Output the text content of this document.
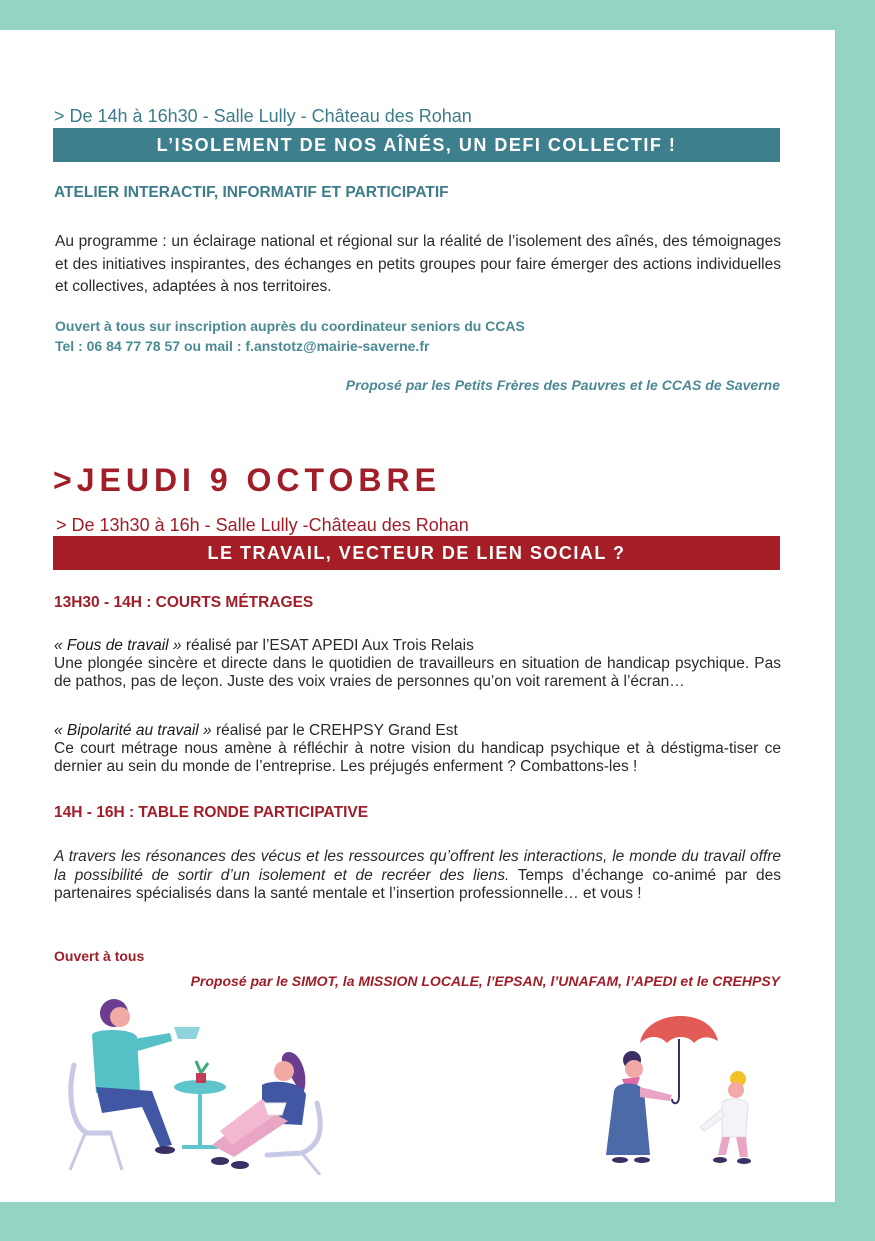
> De 14h à 16h30 - Salle Lully - Château des Rohan
L’ISOLEMENT DE NOS AÎNÉS, UN DEFI COLLECTIF !
ATELIER INTERACTIF, INFORMATIF ET PARTICIPATIF
Au programme : un éclairage national et régional sur la réalité de l’isolement des aînés, des témoignages et des initiatives inspirantes, des échanges en petits groupes pour faire émerger des actions individuelles et collectives, adaptées à nos territoires.
Ouvert à tous sur inscription auprès du coordinateur seniors du CCAS
Tel : 06 84 77 78 57 ou mail : f.anstotz@mairie-saverne.fr
Proposé par les Petits Frères des Pauvres et le CCAS de Saverne
>JEUDI 9 OCTOBRE
> De 13h30 à 16h - Salle Lully -Château des Rohan
LE TRAVAIL, VECTEUR DE LIEN SOCIAL ?
13H30 - 14H : COURTS MÉTRAGES
« Fous de travail » réalisé par l’ESAT APEDI Aux Trois Relais
Une plongée sincère et directe dans le quotidien de travailleurs en situation de handicap psychique. Pas de pathos, pas de leçon. Juste des voix vraies de personnes qu’on voit rarement à l’écran…
« Bipolarité au travail » réalisé par le CREHPSY Grand Est
Ce court métrage nous amène à réfléchir à notre vision du handicap psychique et à déstigma-tiser ce dernier au sein du monde de l’entreprise. Les préjugés enferment ? Combattons-les !
14H - 16H : TABLE RONDE PARTICIPATIVE
A travers les résonances des vécus et les ressources qu’offrent les interactions, le monde du travail offre la possibilité de sortir d’un isolement et de recréer des liens. Temps d’échange co-animé par des partenaires spécialisés dans la santé mentale et l’insertion professionnelle… et vous !
Ouvert à tous
Proposé par le SIMOT, la MISSION LOCALE, l’EPSAN, l’UNAFAM, l’APEDI et le CREHPSY
